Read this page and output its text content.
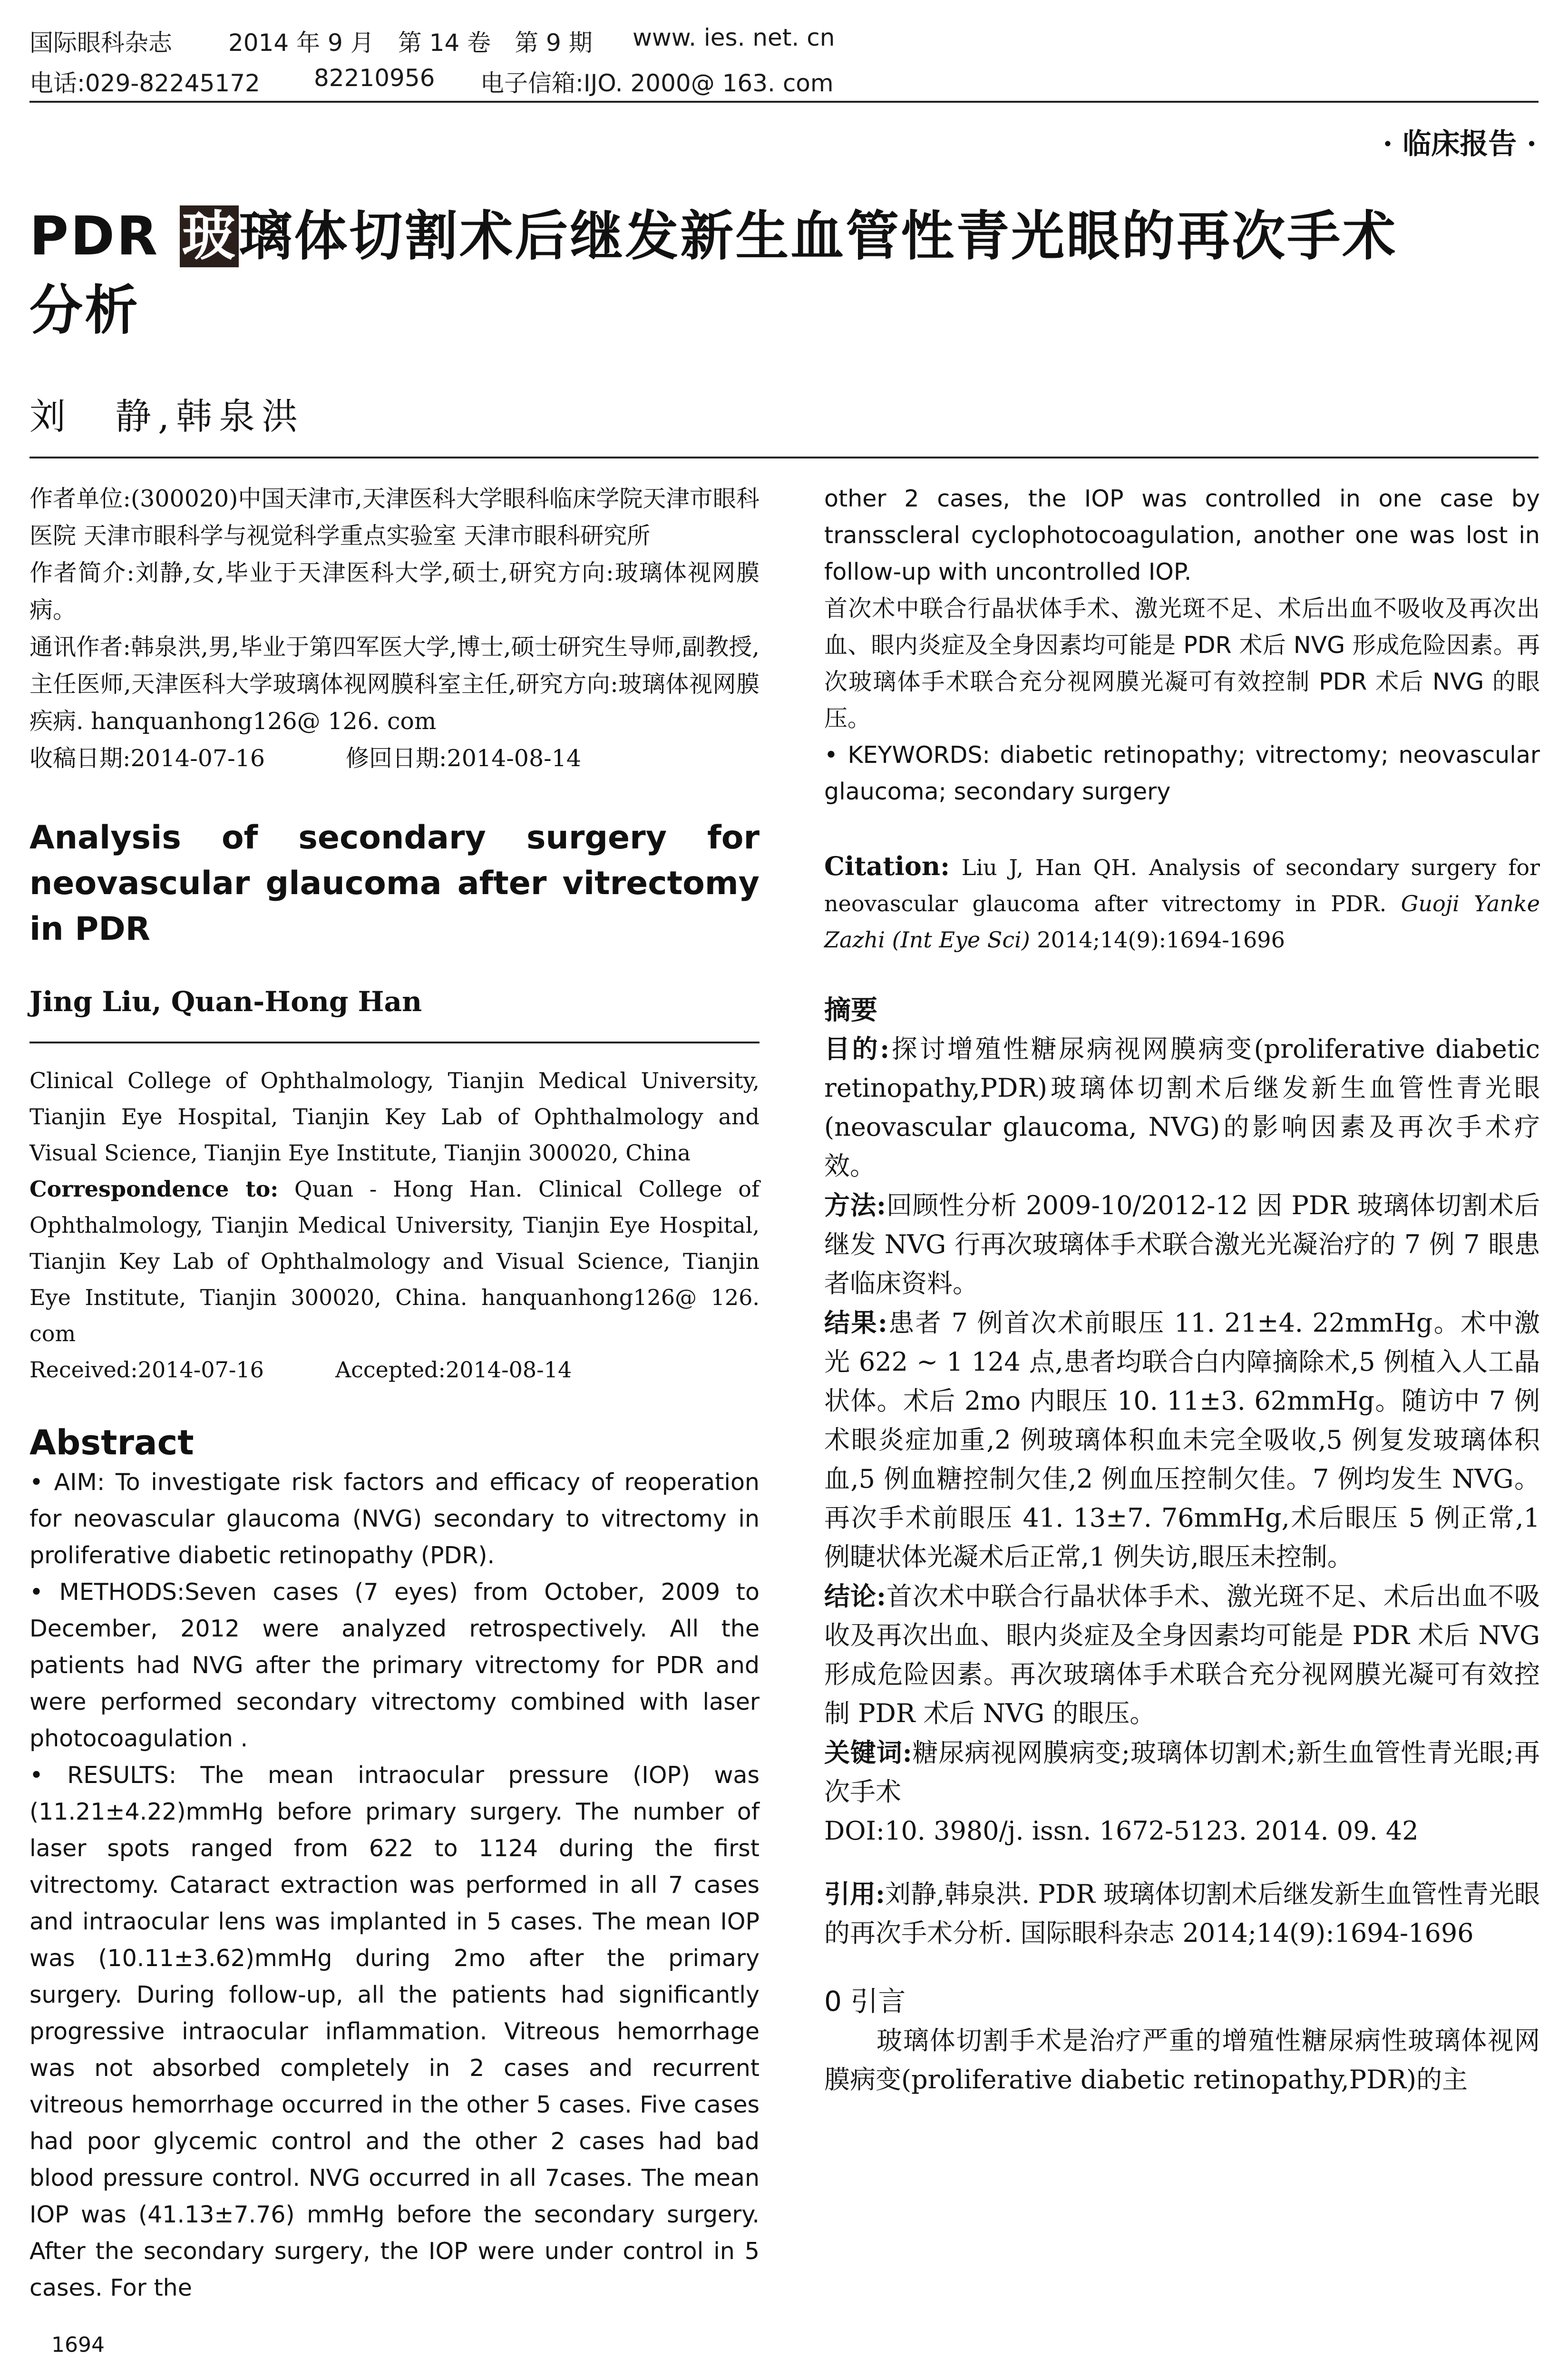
国际眼科杂志 2014 年 9 月　第 14 卷　第 9 期 www. ies. net. cn
电话:029-82245172 82210956 电子信箱:IJO. 2000@ 163. com
· 临床报告 ·
PDR 玻璃体切割术后继发新生血管性青光眼的再次手术
分析
刘　静,韩泉洪

作者单位:(300020)中国天津市,天津医科大学眼科临床学院天津市眼科医院 天津市眼科学与视觉科学重点实验室 天津市眼科研究所

作者简介:刘静,女,毕业于天津医科大学,硕士,研究方向:玻璃体视网膜病。

通讯作者:韩泉洪,男,毕业于第四军医大学,博士,硕士研究生导师,副教授,主任医师,天津医科大学玻璃体视网膜科室主任,研究方向:玻璃体视网膜疾病. hanquanhong126@ 126. com

收稿日期:2014-07-16	修回日期:2014-08-14
Analysis of secondary surgery for neovascular glaucoma after vitrectomy in PDR
Jing Liu, Quan-Hong Han

Clinical College of Ophthalmology, Tianjin Medical University, Tianjin Eye Hospital, Tianjin Key Lab of Ophthalmology and Visual Science, Tianjin Eye Institute, Tianjin 300020, China

Correspondence to: Quan - Hong Han. Clinical College of Ophthalmology, Tianjin Medical University, Tianjin Eye Hospital, Tianjin Key Lab of Ophthalmology and Visual Science, Tianjin Eye Institute, Tianjin 300020, China. hanquanhong126@ 126. com

Received:2014-07-16	Accepted:2014-08-14
Abstract

• AIM: To investigate risk factors and efficacy of reoperation for neovascular glaucoma (NVG) secondary to vitrectomy in proliferative diabetic retinopathy (PDR).

• METHODS:Seven cases (7 eyes) from October, 2009 to December, 2012 were analyzed retrospectively. All the patients had NVG after the primary vitrectomy for PDR and were performed secondary vitrectomy combined with laser photocoagulation .

• RESULTS: The mean intraocular pressure (IOP) was (11.21±4.22)mmHg before primary surgery. The number of laser spots ranged from 622 to 1124 during the first vitrectomy. Cataract extraction was performed in all 7 cases and intraocular lens was implanted in 5 cases. The mean IOP was (10.11±3.62)mmHg during 2mo after the primary surgery. During follow-up, all the patients had significantly progressive intraocular inflammation. Vitreous hemorrhage was not absorbed completely in 2 cases and recurrent vitreous hemorrhage occurred in the other 5 cases. Five cases had poor glycemic control and the other 2 cases had bad blood pressure control. NVG occurred in all 7cases. The mean IOP was (41.13±7.76) mmHg before the secondary surgery. After the secondary surgery, the IOP were under control in 5 cases. For the

1694

other 2 cases, the IOP was controlled in one case by transscleral cyclophotocoagulation, another one was lost in follow-up with uncontrolled IOP.

首次术中联合行晶状体手术、激光斑不足、术后出血不吸收及再次出血、眼内炎症及全身因素均可能是 PDR 术后 NVG 形成危险因素。再次玻璃体手术联合充分视网膜光凝可有效控制 PDR 术后 NVG 的眼压。

• KEYWORDS: diabetic retinopathy; vitrectomy; neovascular glaucoma; secondary surgery

Citation: Liu J, Han QH. Analysis of secondary surgery for neovascular glaucoma after vitrectomy in PDR. Guoji Yanke Zazhi (Int Eye Sci) 2014;14(9):1694-1696

摘要

目的:探讨增殖性糖尿病视网膜病变(proliferative diabetic retinopathy,PDR)玻璃体切割术后继发新生血管性青光眼(neovascular glaucoma, NVG)的影响因素及再次手术疗效。

方法:回顾性分析 2009-10/2012-12 因 PDR 玻璃体切割术后继发 NVG 行再次玻璃体手术联合激光光凝治疗的 7 例 7 眼患者临床资料。

结果:患者 7 例首次术前眼压 11. 21±4. 22mmHg。术中激光 622 ~ 1 124 点,患者均联合白内障摘除术,5 例植入人工晶状体。术后 2mo 内眼压 10. 11±3. 62mmHg。随访中 7 例术眼炎症加重,2 例玻璃体积血未完全吸收,5 例复发玻璃体积血,5 例血糖控制欠佳,2 例血压控制欠佳。7 例均发生 NVG。再次手术前眼压 41. 13±7. 76mmHg,术后眼压 5 例正常,1 例睫状体光凝术后正常,1 例失访,眼压未控制。

结论:首次术中联合行晶状体手术、激光斑不足、术后出血不吸收及再次出血、眼内炎症及全身因素均可能是 PDR 术后 NVG 形成危险因素。再次玻璃体手术联合充分视网膜光凝可有效控制 PDR 术后 NVG 的眼压。

关键词:糖尿病视网膜病变;玻璃体切割术;新生血管性青光眼;再次手术

DOI:10. 3980/j. issn. 1672-5123. 2014. 09. 42

引用:刘静,韩泉洪. PDR 玻璃体切割术后继发新生血管性青光眼的再次手术分析. 国际眼科杂志 2014;14(9):1694-1696

0 引言

玻璃体切割手术是治疗严重的增殖性糖尿病性玻璃体视网膜病变(proliferative diabetic retinopathy,PDR)的主
